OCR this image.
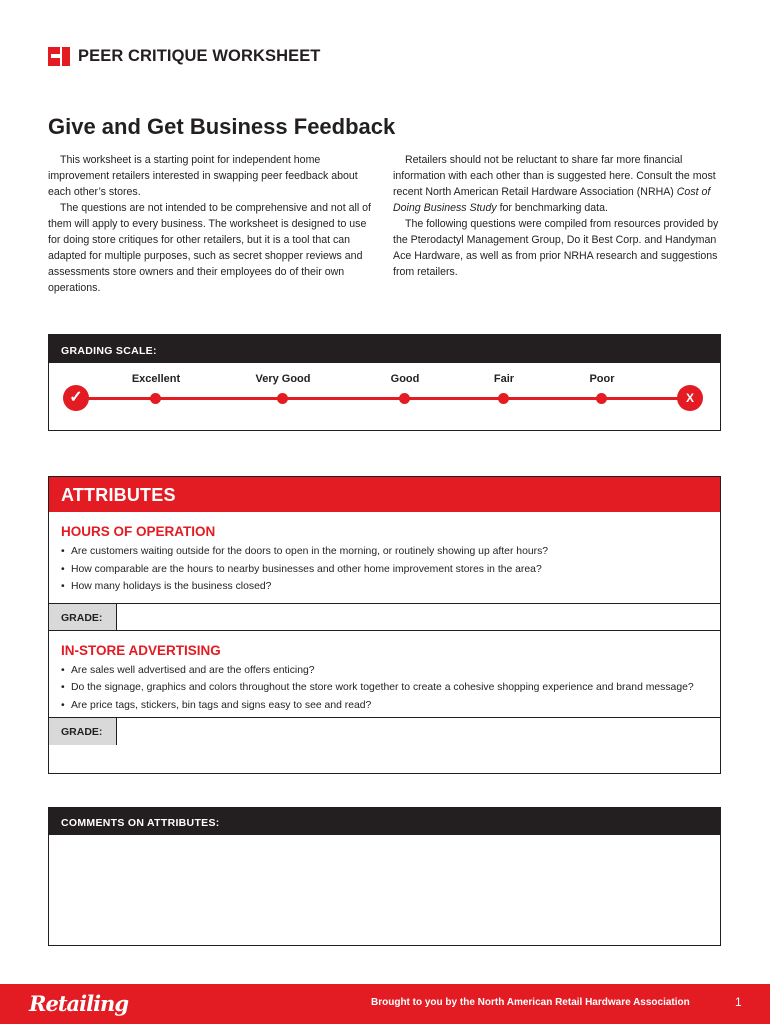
PEER CRITIQUE WORKSHEET
Give and Get Business Feedback

This worksheet is a starting point for independent home improvement retailers interested in swapping peer feedback about each other’s stores.

The questions are not intended to be comprehensive and not all of them will apply to every business. The worksheet is designed to use for doing store critiques for other retailers, but it is a tool that can adapted for multiple purposes, such as secret shopper reviews and assessments store owners and their employees do of their own operations.

Retailers should not be reluctant to share far more financial information with each other than is suggested here. Consult the most recent North American Retail Hardware Association (NRHA) Cost of Doing Business Study for benchmarking data.

The following questions were compiled from resources provided by the Pterodactyl Management Group, Do it Best Corp. and Handyman Ace Hardware, as well as from prior NRHA research and suggestions from retailers.

GRADING SCALE:
✓
Excellent	Very Good	Good	Fair	Poor
X
ATTRIBUTES
HOURS OF OPERATION
• Are customers waiting outside for the doors to open in the morning, or routinely showing up after hours?
• How comparable are the hours to nearby businesses and other home improvement stores in the area?
• How many holidays is the business closed?
GRADE:
IN-STORE ADVERTISING
• Are sales well advertised and are the offers enticing?
• Do the signage, graphics and colors throughout the store work together to create a cohesive shopping experience and brand message?
• Are price tags, stickers, bin tags and signs easy to see and read?
GRADE:
COMMENTS ON ATTRIBUTES:
Retailing	Brought to you by the North American Retail Hardware Association	1
